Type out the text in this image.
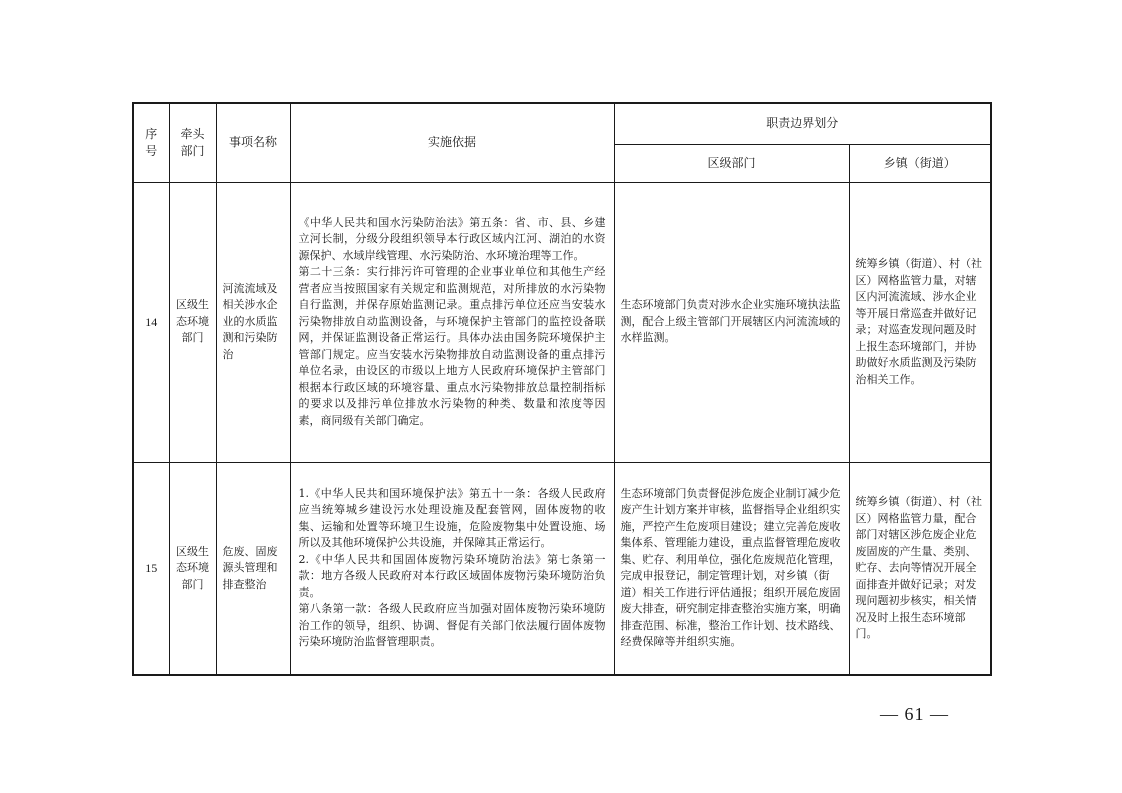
序号	牵头部门	事项名称	实施依据	职责边界划分	
				区级部门	乡镇（街道）
14	区级生态环境部门	河流流域及相关涉水企业的水质监测和污染防治	《中华人民共和国水污染防治法》第五条：省、市、县、乡建立河长制，分级分段组织领导本行政区域内江河、湖泊的水资源保护、水域岸线管理、水污染防治、水环境治理等工作。
第二十三条：实行排污许可管理的企业事业单位和其他生产经营者应当按照国家有关规定和监测规范，对所排放的水污染物自行监测，并保存原始监测记录。重点排污单位还应当安装水污染物排放自动监测设备，与环境保护主管部门的监控设备联网，并保证监测设备正常运行。具体办法由国务院环境保护主管部门规定。应当安装水污染物排放自动监测设备的重点排污单位名录，由设区的市级以上地方人民政府环境保护主管部门根据本行政区域的环境容量、重点水污染物排放总量控制指标的要求以及排污单位排放水污染物的种类、数量和浓度等因素，商同级有关部门确定。	生态环境部门负责对涉水企业实施环境执法监测，配合上级主管部门开展辖区内河流流域的水样监测。	统筹乡镇（街道）、村（社区）网格监管力量，对辖区内河流流域、涉水企业等开展日常巡查并做好记录；对巡查发现问题及时上报生态环境部门，并协助做好水质监测及污染防治相关工作。
15	区级生态环境部门	危废、固废源头管理和排查整治	1.《中华人民共和国环境保护法》第五十一条：各级人民政府应当统筹城乡建设污水处理设施及配套管网，固体废物的收集、运输和处置等环境卫生设施，危险废物集中处置设施、场所以及其他环境保护公共设施，并保障其正常运行。
2.《中华人民共和国固体废物污染环境防治法》第七条第一款：地方各级人民政府对本行政区域固体废物污染环境防治负责。
第八条第一款：各级人民政府应当加强对固体废物污染环境防治工作的领导，组织、协调、督促有关部门依法履行固体废物污染环境防治监督管理职责。	生态环境部门负责督促涉危废企业制订减少危废产生计划方案并审核，监督指导企业组织实施，严控产生危废项目建设；建立完善危废收集体系、管理能力建设，重点监督管理危废收集、贮存、利用单位，强化危废规范化管理，完成申报登记，制定管理计划，对乡镇（街道）相关工作进行评估通报；组织开展危废固废大排查，研究制定排查整治实施方案，明确排查范围、标准，整治工作计划、技术路线、经费保障等并组织实施。	统筹乡镇（街道）、村（社区）网格监管力量，配合部门对辖区涉危废企业危废固废的产生量、类别、贮存、去向等情况开展全面排查并做好记录；对发现问题初步核实，相关情况及时上报生态环境部门。
— 61 —
